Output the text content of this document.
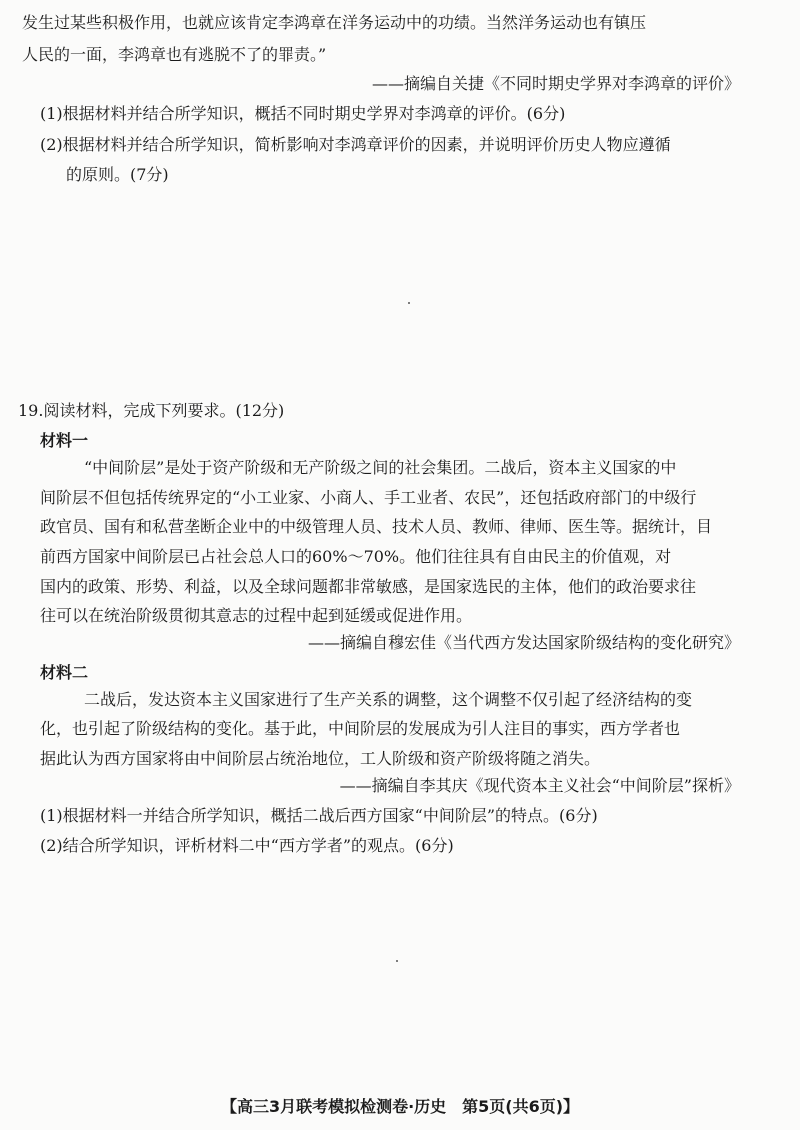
发生过某些积极作用，也就应该肯定李鸿章在洋务运动中的功绩。当然洋务运动也有镇压
人民的一面，李鸿章也有逃脱不了的罪责。”
——摘编自关捷《不同时期史学界对李鸿章的评价》
(1)根据材料并结合所学知识，概括不同时期史学界对李鸿章的评价。(6分)
(2)根据材料并结合所学知识，简析影响对李鸿章评价的因素，并说明评价历史人物应遵循
的原则。(7分)
19.阅读材料，完成下列要求。(12分)
材料一
“中间阶层”是处于资产阶级和无产阶级之间的社会集团。二战后，资本主义国家的中
间阶层不但包括传统界定的“小工业家、小商人、手工业者、农民”，还包括政府部门的中级行
政官员、国有和私营垄断企业中的中级管理人员、技术人员、教师、律师、医生等。据统计，目
前西方国家中间阶层已占社会总人口的60%～70%。他们往往具有自由民主的价值观，对
国内的政策、形势、利益，以及全球问题都非常敏感，是国家选民的主体，他们的政治要求往
往可以在统治阶级贯彻其意志的过程中起到延缓或促进作用。
——摘编自穆宏佳《当代西方发达国家阶级结构的变化研究》
材料二
二战后，发达资本主义国家进行了生产关系的调整，这个调整不仅引起了经济结构的变
化，也引起了阶级结构的变化。基于此，中间阶层的发展成为引人注目的事实，西方学者也
据此认为西方国家将由中间阶层占统治地位，工人阶级和资产阶级将随之消失。
——摘编自李其庆《现代资本主义社会“中间阶层”探析》
(1)根据材料一并结合所学知识，概括二战后西方国家“中间阶层”的特点。(6分)
(2)结合所学知识，评析材料二中“西方学者”的观点。(6分)
【高三3月联考模拟检测卷·历史　第5页(共6页)】
